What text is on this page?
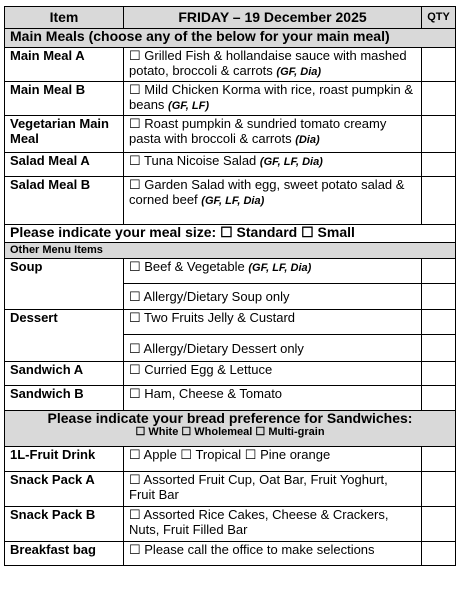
Item	FRIDAY – 19 December 2025	QTY
Main Meals (choose any of the below for your main meal)		
Main Meal A	☐ Grilled Fish & hollandaise sauce with mashed potato, broccoli & carrots (GF, Dia)	
Main Meal B	☐ Mild Chicken Korma with rice, roast pumpkin & beans (GF, LF)	
Vegetarian Main Meal	☐ Roast pumpkin & sundried tomato creamy pasta with broccoli & carrots (Dia)	
Salad Meal A	☐ Tuna Nicoise Salad (GF, LF, Dia)	
Salad Meal B	☐ Garden Salad with egg, sweet potato salad & corned beef (GF, LF, Dia)	
Please indicate your meal size: ☐ Standard ☐ Small		
Other Menu Items		
Soup	☐ Beef & Vegetable (GF, LF, Dia)	
	☐ Allergy/Dietary Soup only	
Dessert	☐ Two Fruits Jelly & Custard	
	☐ Allergy/Dietary Dessert only	
Sandwich A	☐ Curried Egg & Lettuce	
Sandwich B	☐ Ham, Cheese & Tomato	

Please indicate your bread preference for Sandwiches:
☐ White ☐ Wholemeal ☐ Multi-grain		

1L-Fruit Drink	☐ Apple ☐ Tropical ☐ Pine orange	
Snack Pack A	☐ Assorted Fruit Cup, Oat Bar, Fruit Yoghurt, Fruit Bar	
Snack Pack B	☐ Assorted Rice Cakes, Cheese & Crackers, Nuts, Fruit Filled Bar	
Breakfast bag	☐ Please call the office to make selections	
